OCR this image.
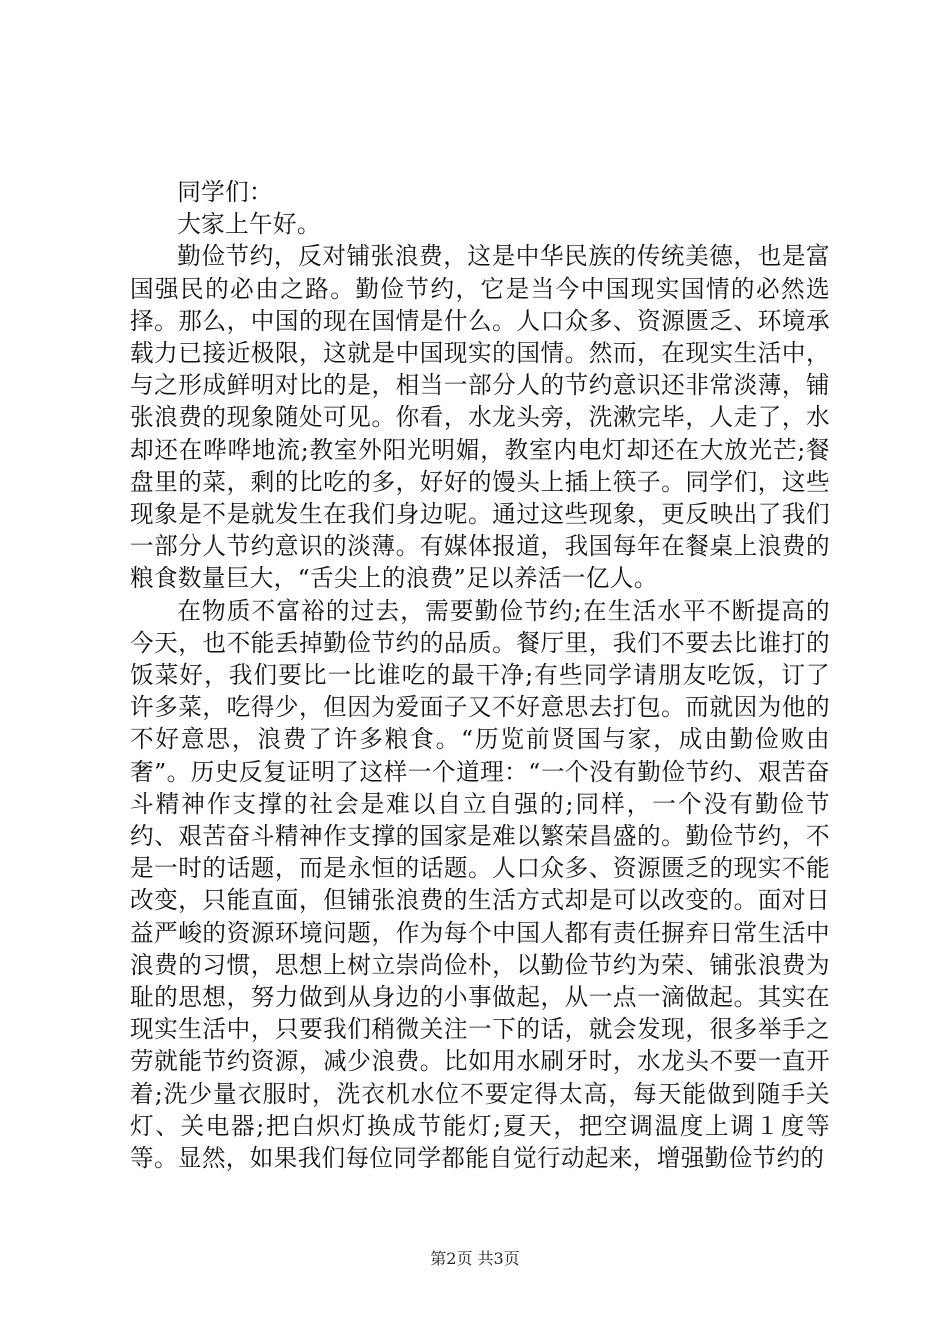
同学们：

大家上午好。

勤俭节约，反对铺张浪费，这是中华民族的传统美德，也是富国强民的必由之路。勤俭节约，它是当今中国现实国情的必然选择。那么，中国的现在国情是什么。人口众多、资源匮乏、环境承载力已接近极限，这就是中国现实的国情。然而，在现实生活中，与之形成鲜明对比的是，相当一部分人的节约意识还非常淡薄，铺张浪费的现象随处可见。你看，水龙头旁，洗漱完毕，人走了，水却还在哗哗地流;教室外阳光明媚，教室内电灯却还在大放光芒;餐盘里的菜，剩的比吃的多，好好的馒头上插上筷子。同学们，这些现象是不是就发生在我们身边呢。通过这些现象，更反映出了我们一部分人节约意识的淡薄。有媒体报道，我国每年在餐桌上浪费的粮食数量巨大，“舌尖上的浪费”足以养活一亿人。

在物质不富裕的过去，需要勤俭节约;在生活水平不断提高的今天，也不能丢掉勤俭节约的品质。餐厅里，我们不要去比谁打的饭菜好，我们要比一比谁吃的最干净;有些同学请朋友吃饭，订了许多菜，吃得少，但因为爱面子又不好意思去打包。而就因为他的不好意思，浪费了许多粮食。“历览前贤国与家，成由勤俭败由奢”。历史反复证明了这样一个道理：“一个没有勤俭节约、艰苦奋斗精神作支撑的社会是难以自立自强的;同样，一个没有勤俭节约、艰苦奋斗精神作支撑的国家是难以繁荣昌盛的。勤俭节约，不是一时的话题，而是永恒的话题。人口众多、资源匮乏的现实不能改变，只能直面，但铺张浪费的生活方式却是可以改变的。面对日益严峻的资源环境问题，作为每个中国人都有责任摒弃日常生活中浪费的习惯，思想上树立崇尚俭朴，以勤俭节约为荣、铺张浪费为耻的思想，努力做到从身边的小事做起，从一点一滴做起。其实在现实生活中，只要我们稍微关注一下的话，就会发现，很多举手之劳就能节约资源，减少浪费。比如用水刷牙时，水龙头不要一直开着;洗少量衣服时，洗衣机水位不要定得太高，每天能做到随手关灯、关电器;把白炽灯换成节能灯;夏天，把空调温度上调１度等等。显然，如果我们每位同学都能自觉行动起来，增强勤俭节约的

第2页 共3页
